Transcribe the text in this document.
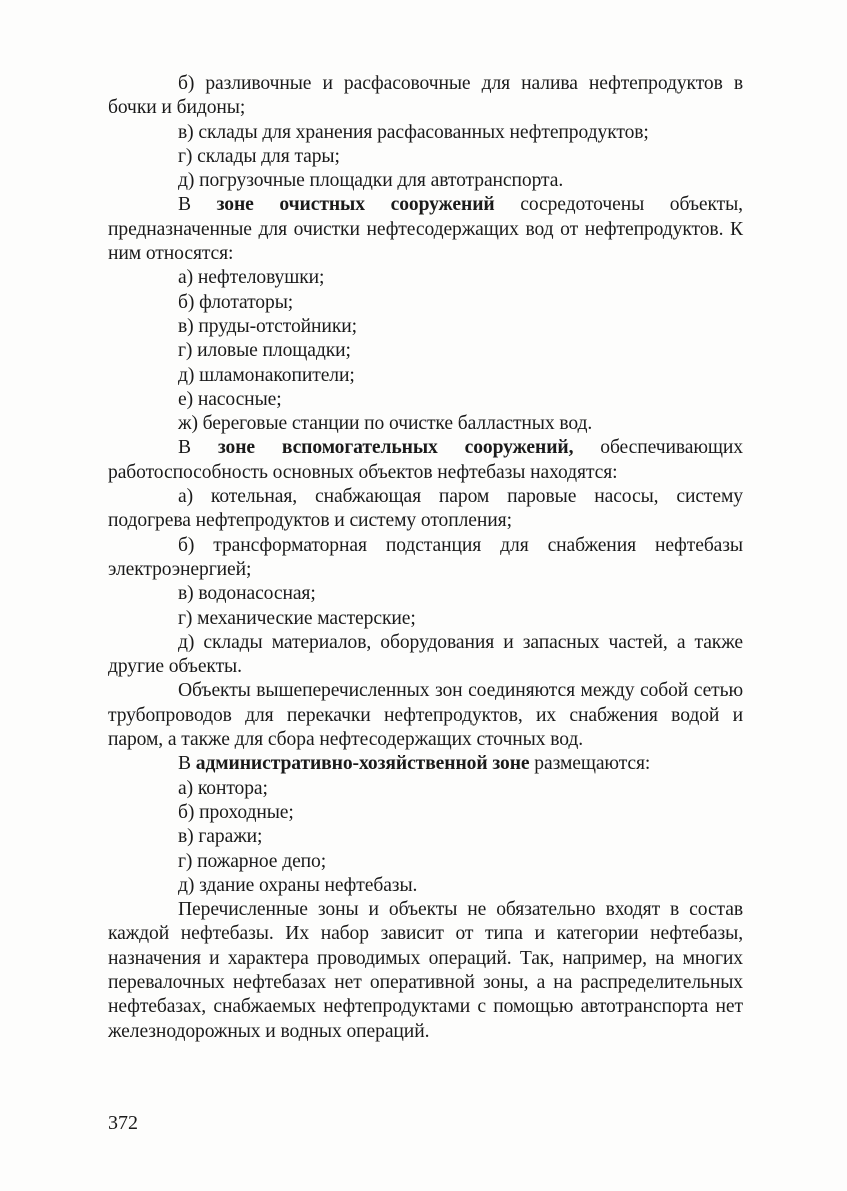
б) разливочные и расфасовочные для налива нефтепродуктов в бочки и бидоны;

в) склады для хранения расфасованных нефтепродуктов;

г) склады для тары;

д) погрузочные площадки для автотранспорта.

В зоне очистных сооружений сосредоточены объекты, предназначенные для очистки нефтесодержащих вод от нефтепродуктов. К ним относятся:

а) нефтеловушки;

б) флотаторы;

в) пруды-отстойники;

г) иловые площадки;

д) шламонакопители;

е) насосные;

ж) береговые станции по очистке балластных вод.

В зоне вспомогательных сооружений, обеспечивающих работоспособность основных объектов нефтебазы находятся:

а) котельная, снабжающая паром паровые насосы, систему подогрева нефтепродуктов и систему отопления;

б) трансформаторная подстанция для снабжения нефтебазы электроэнергией;

в) водонасосная;

г) механические мастерские;

д) склады материалов, оборудования и запасных частей, а также другие объекты.

Объекты вышеперечисленных зон соединяются между собой сетью трубопроводов для перекачки нефтепродуктов, их снабжения водой и паром, а также для сбора нефтесодержащих сточных вод.

В административно-хозяйственной зоне размещаются:

а) контора;

б) проходные;

в) гаражи;

г) пожарное депо;

д) здание охраны нефтебазы.

Перечисленные зоны и объекты не обязательно входят в состав каждой нефтебазы. Их набор зависит от типа и категории нефтебазы, назначения и характера проводимых операций. Так, например, на многих перевалочных нефтебазах нет оперативной зоны, а на распределительных нефтебазах, снабжаемых нефтепродуктами с помощью автотранспорта нет железнодорожных и водных операций.

372
